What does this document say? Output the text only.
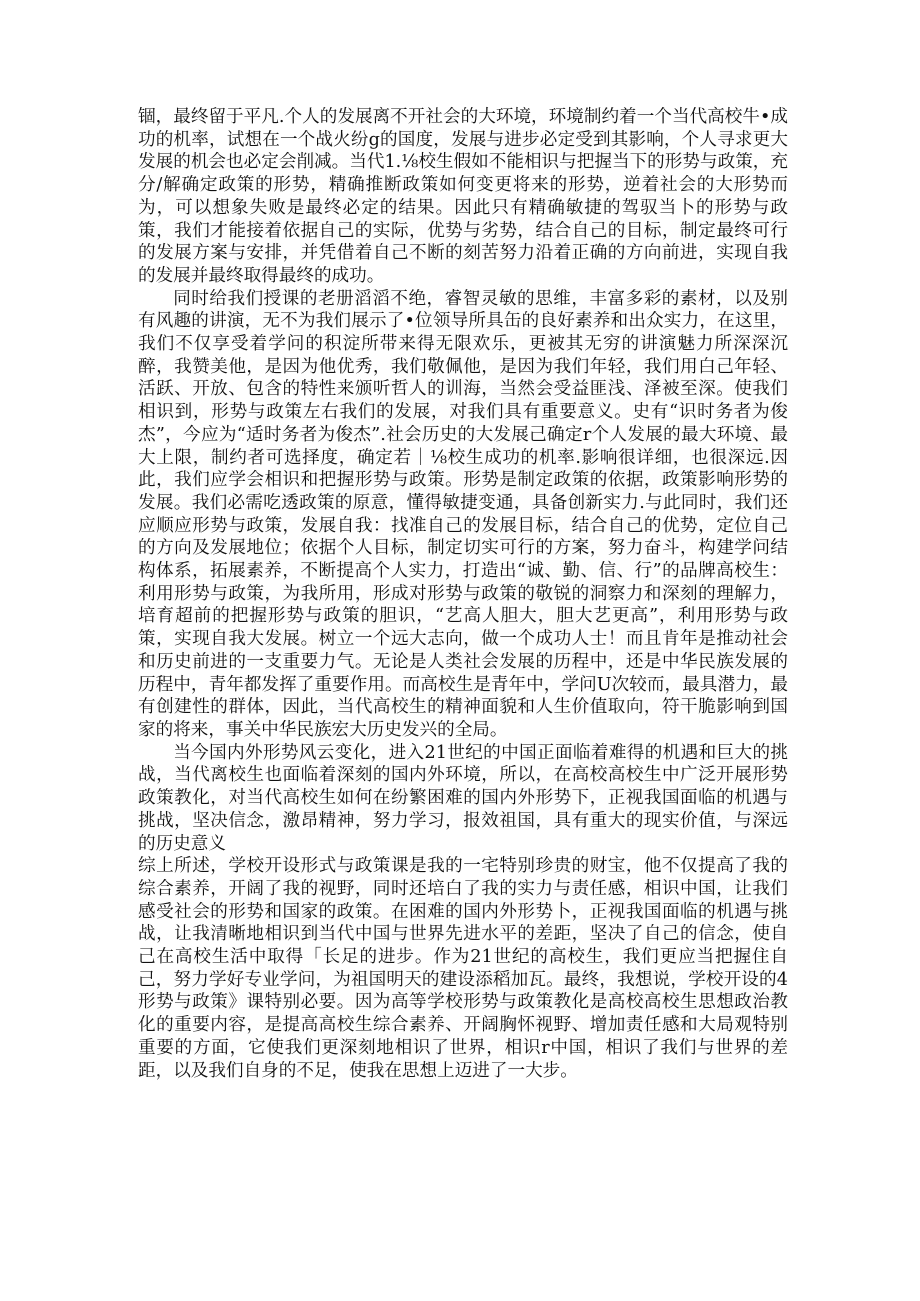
锢，最终留于平凡.个人的发展离不开社会的大环境，环境制约着一个当代高校牛•成功的机率，试想在一个战火纷g的国度，发展与进步必定受到其影响，个人寻求更大发展的机会也必定会削减。当代1.⅛校生假如不能相识与把握当下的形势与政策，充分/解确定政策的形势，精确推断政策如何变更将来的形势，逆着社会的大形势而为，可以想象失败是最终必定的结果。因此只有精确敏捷的驾驭当卜的形势与政策，我们才能接着依据自己的实际，优势与劣势，结合自己的目标，制定最终可行的发展方案与安排，并凭借着自己不断的刻苦努力沿着正确的方向前进，实现自我的发展并最终取得最终的成功。

同时给我们授课的老册滔滔不绝，睿智灵敏的思维，丰富多彩的素材，以及别有风趣的讲演，无不为我们展示了•位领导所具缶的良好素养和出众实力，在这里，我们不仅享受着学问的积淀所带来得无限欢乐，更被其无穷的讲演魅力所深深沉醉，我赞美他，是因为他优秀，我们敬佩他，是因为我们年轻，我们用白己年轻、活跃、开放、包含的特性来颁听哲人的训海，当然会受益匪浅、泽被至深。使我们相识到，形势与政策左右我们的发展，对我们具有重要意义。史有“识时务者为俊杰”，今应为“适时务者为俊杰”.社会历史的大发展己确定r个人发展的最大环境、最大上限，制约者可选择度，确定若｜⅛校生成功的机率.影响很详细，也很深远.因此，我们应学会相识和把握形势与政策。形势是制定政策的依据，政策影响形势的发展。我们必需吃透政策的原意，懂得敏捷变通，具备创新实力.与此同时，我们还应顺应形势与政策，发展自我：找准自己的发展目标，结合自己的优势，定位自己的方向及发展地位；依据个人目标，制定切实可行的方案，努力奋斗，构建学问结构体系，拓展素养，不断提高个人实力，打造出“诚、勤、信、行”的品牌高校生：利用形势与政策，为我所用，形成对形势与政策的敬锐的洞察力和深刻的理解力，培育超前的把握形势与政策的胆识，“艺高人胆大，胆大艺更高”，利用形势与政策，实现自我大发展。树立一个远大志向，做一个成功人士！而且肯年是推动社会和历史前进的一支重要力气。无论是人类社会发展的历程中，还是中华民族发展的历程中，青年都发挥了重要作用。而高校生是青年中，学问U次较而，最具潜力，最有创建性的群体，因此，当代高校生的精神面貌和人生价值取向，符干脆影响到国家的将来，事关中华民族宏大历史发兴的全局。

当今国内外形势风云变化，进入21世纪的中国正面临着难得的机遇和巨大的挑战，当代离校生也面临着深刻的国内外环境，所以，在高校高校生中广泛开展形势政策教化，对当代高校生如何在纷繁困难的国内外形势下，正视我国面临的机遇与挑战，坚决信念，激昂精神，努力学习，报效祖国，具有重大的现实价值，与深远的历史意义

综上所述，学校开设形式与政策课是我的一宅特别珍贵的财宝，他不仅提高了我的综合素养，开阔了我的视野，同时还培白了我的实力与责任感，相识中国，让我们感受社会的形势和国家的政策。在困难的国内外形势卜，正视我国面临的机遇与挑战，让我清晰地相识到当代中国与世界先进水平的差距，坚决了自己的信念，使自己在高校生活中取得「长足的进步。作为21世纪的高校生，我们更应当把握住自己，努力学好专业学问，为祖国明天的建设添稻加瓦。最终，我想说，学校开设的4形势与政策》课特别必要。因为高等学校形势与政策教化是高校高校生思想政治教化的重要内容，是提高高校生综合素养、开阔胸怀视野、增加责任感和大局观特别重要的方面，它使我们更深刻地相识了世界，相识r中国，相识了我们与世界的差距，以及我们自身的不足，使我在思想上迈进了一大步。
